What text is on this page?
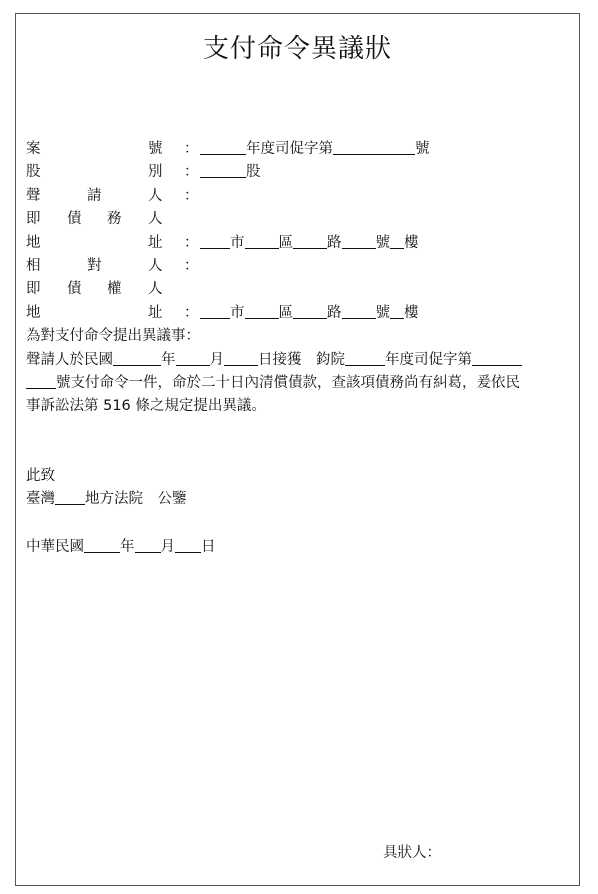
支付命令異議狀
案	號 ：	年度司促字第	號
股	別 ：	股
聲	請	人 ：
即 債 務 人
地	址 ：	市 區 路 號 樓
相	對	人 ：
即 債 權 人
地	址 ：	市 區 路 號 樓
為對支付命令提出異議事：
聲請人於民國	年 月 日接獲　鈞院	年度司促字第
號支付命令一件，命於二十日內清償債款，查該項債務尚有糾葛，爰依民
事訴訟法第 516 條之規定提出異議。
此致
臺灣 地方法院　公鑒
中華民國 年 月 日
具狀人：
